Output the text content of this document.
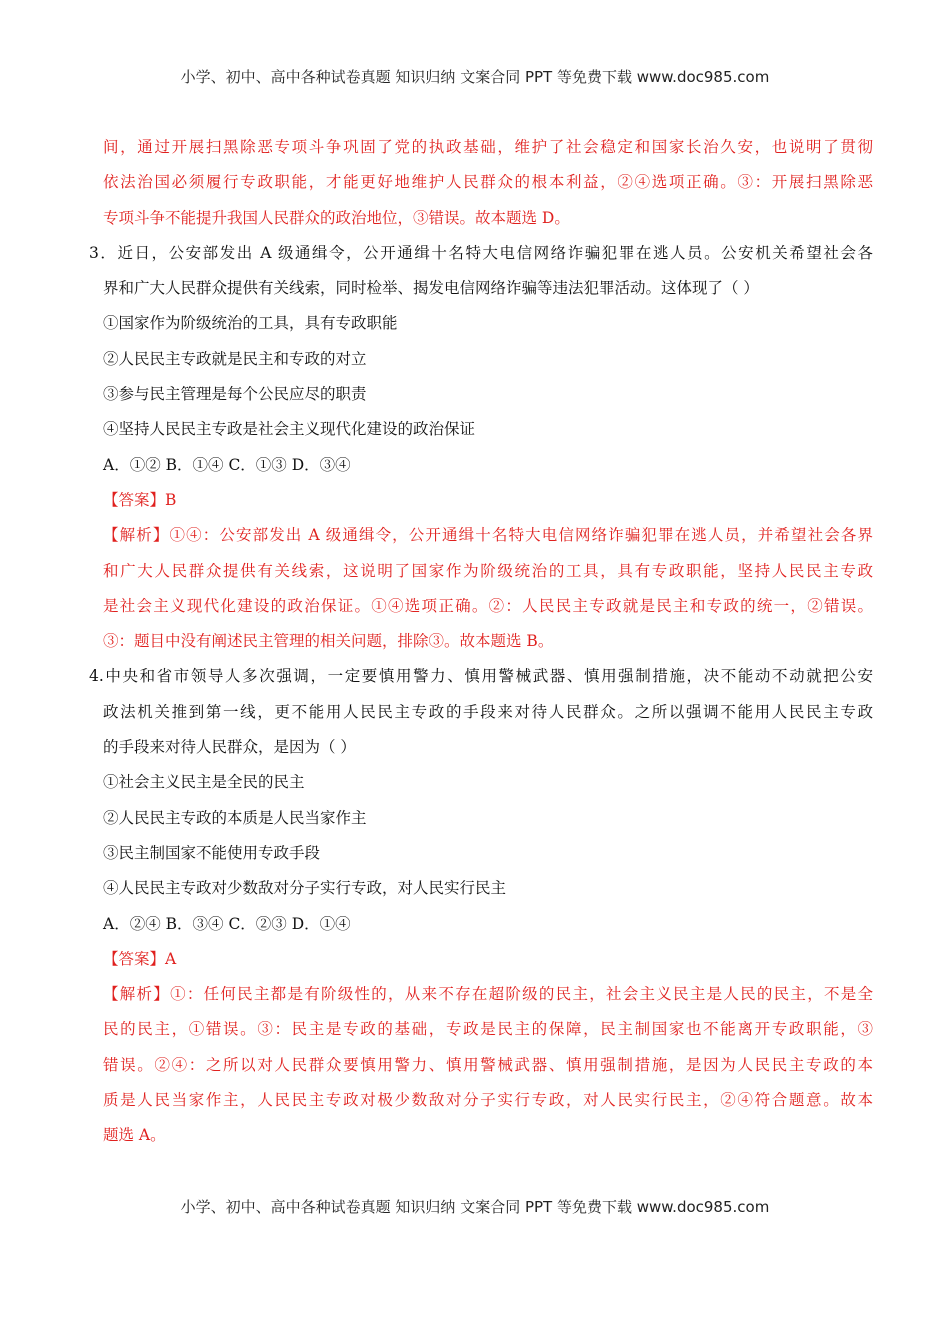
小学、初中、高中各种试卷真题 知识归纳 文案合同 PPT 等免费下载 www.doc985.com
间，通过开展扫黑除恶专项斗争巩固了党的执政基础，维护了社会稳定和国家长治久安，也说明了贯彻
依法治国必须履行专政职能，才能更好地维护人民群众的根本利益，②④选项正确。③：开展扫黑除恶
专项斗争不能提升我国人民群众的政治地位，③错误。故本题选 D。
3．近日，公安部发出 A 级通缉令，公开通缉十名特大电信网络诈骗犯罪在逃人员。公安机关希望社会各
界和广大人民群众提供有关线索，同时检举、揭发电信网络诈骗等违法犯罪活动。这体现了（ ）
①国家作为阶级统治的工具，具有专政职能
②人民民主专政就是民主和专政的对立
③参与民主管理是每个公民应尽的职责
④坚持人民民主专政是社会主义现代化建设的政治保证
A．①② B．①④ C．①③ D．③④
【答案】B
【解析】①④：公安部发出 A 级通缉令，公开通缉十名特大电信网络诈骗犯罪在逃人员，并希望社会各界
和广大人民群众提供有关线索，这说明了国家作为阶级统治的工具，具有专政职能，坚持人民民主专政
是社会主义现代化建设的政治保证。①④选项正确。②：人民民主专政就是民主和专政的统一，②错误。
③：题目中没有阐述民主管理的相关问题，排除③。故本题选 B。
4.中央和省市领导人多次强调，一定要慎用警力、慎用警械武器、慎用强制措施，决不能动不动就把公安
政法机关推到第一线，更不能用人民民主专政的手段来对待人民群众。之所以强调不能用人民民主专政
的手段来对待人民群众，是因为（ ）
①社会主义民主是全民的民主
②人民民主专政的本质是人民当家作主
③民主制国家不能使用专政手段
④人民民主专政对少数敌对分子实行专政，对人民实行民主
A．②④ B．③④ C．②③ D．①④
【答案】A
【解析】①：任何民主都是有阶级性的，从来不存在超阶级的民主，社会主义民主是人民的民主，不是全
民的民主，①错误。③：民主是专政的基础，专政是民主的保障，民主制国家也不能离开专政职能，③
错误。②④：之所以对人民群众要慎用警力、慎用警械武器、慎用强制措施，是因为人民民主专政的本
质是人民当家作主，人民民主专政对极少数敌对分子实行专政，对人民实行民主，②④符合题意。故本
题选 A。
小学、初中、高中各种试卷真题 知识归纳 文案合同 PPT 等免费下载 www.doc985.com
